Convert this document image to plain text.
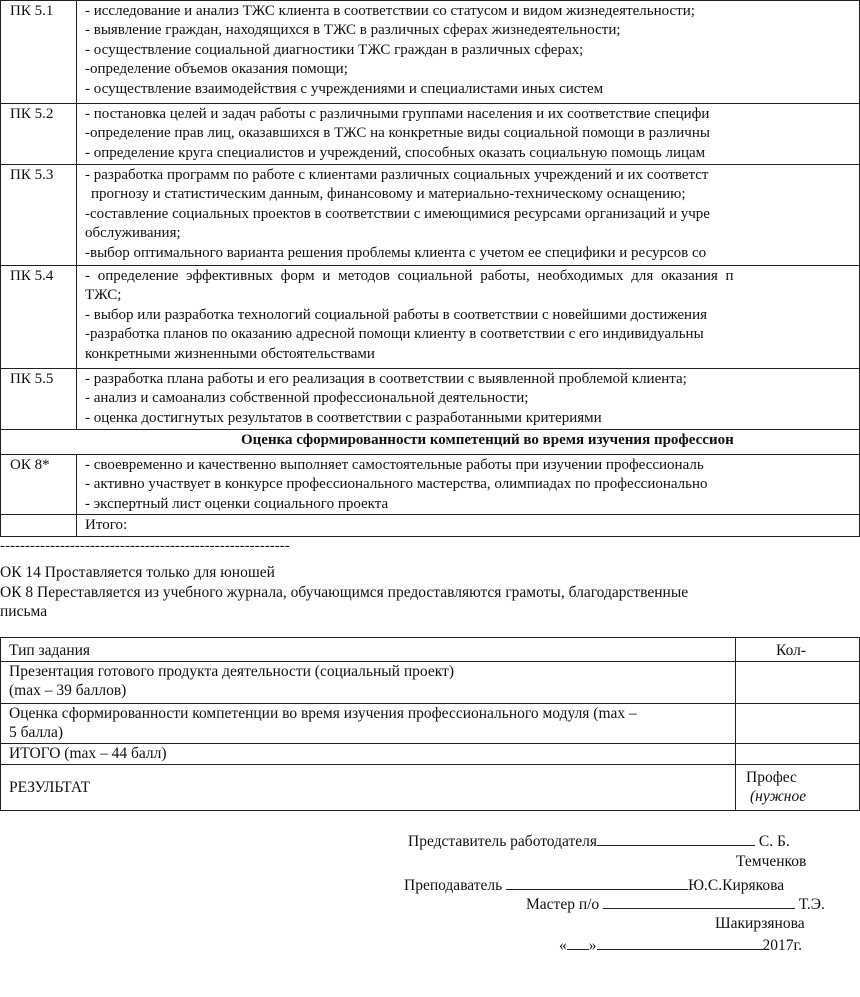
ПК 5.1	- исследование и анализ ТЖС клиента в соответствии со статусом и видом жизнедеятельности;
- выявление граждан, находящихся в ТЖС в различных сферах жизнедеятельности;
- осуществление социальной диагностики ТЖС граждан в различных сферах;
-определение объемов оказания помощи;
- осуществление взаимодействия с учреждениями и специалистами иных систем

ПК 5.2	- постановка целей и задач работы с различными группами населения и их соответствие специфи
-определение прав лиц, оказавшихся в ТЖС на конкретные виды социальной помощи в различны
- определение круга специалистов и учреждений, способных оказать социальную помощь лицам

ПК 5.3	- разработка программ по работе с клиентами различных социальных учреждений и их соответст
прогнозу и статистическим данным, финансовому и материально-техническому оснащению;
-составление социальных проектов в соответствии с имеющимися ресурсами организаций и учре
обслуживания;
-выбор оптимального варианта решения проблемы клиента с учетом ее специфики и ресурсов со

ПК 5.4	- определение эффективных форм и методов социальной работы, необходимых для оказания п
ТЖС;
- выбор или разработка технологий социальной работы в соответствии с новейшими достижения
-разработка планов по оказанию адресной помощи клиенту в соответствии с его индивидуальны
конкретными жизненными обстоятельствами

ПК 5.5	- разработка плана работы и его реализация в соответствии с выявленной проблемой клиента;
- анализ и самоанализ собственной профессиональной деятельности;
- оценка достигнутых результатов в соответствии с разработанными критериями

Оценка сформированности компетенций во время изучения профессион	
ОК 8*	- своевременно и качественно выполняет самостоятельные работы при изучении профессиональ
- активно участвует в конкурсе профессионального мастерства, олимпиадах по профессионально
- экспертный лист оценки социального проекта

	Итого:
----------------------------------------------------------
ОК 14 Проставляется только для юношей
ОК 8 Переставляется из учебного журнала, обучающимся предоставляются грамоты, благодарственные
письма
Тип задания	Кол-

Презентация готового продукта деятельности (социальный проект)
(max – 39 баллов)	

Оценка сформированности компетенции во время изучения профессионального модуля (max –
5 балла)	

ИТОГО (max – 44 балл)	
РЕЗУЛЬТАТ	Профес
(нужное
Представитель работодателя	С. Б.
Темченков
Преподаватель	Ю.С.Кирякова
Мастер п/о	Т.Э.
Шакирзянова
« »	2017г.
